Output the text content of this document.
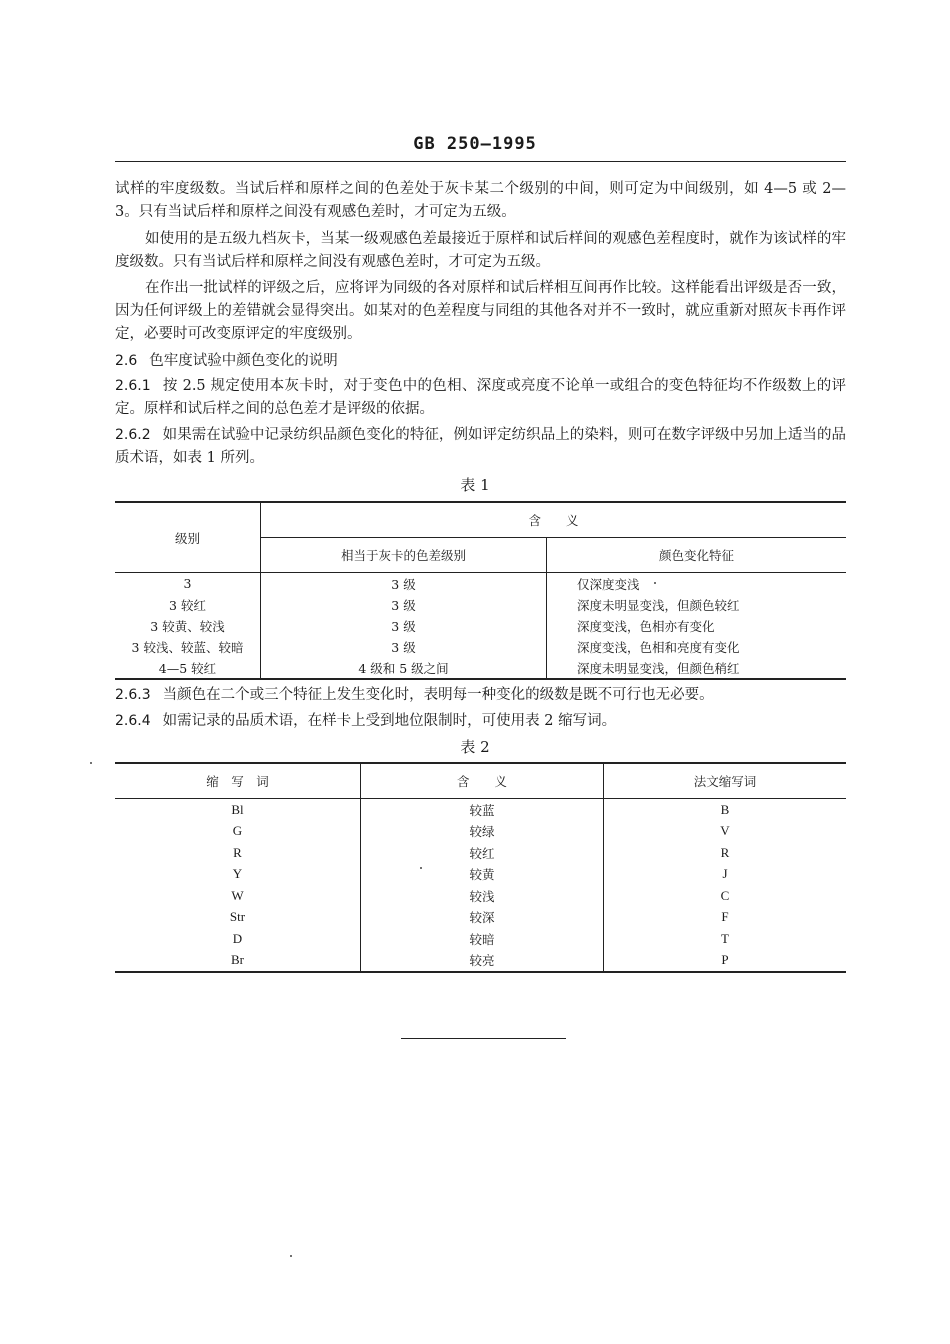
GB 250—1995

试样的牢度级数。当试后样和原样之间的色差处于灰卡某二个级别的中间，则可定为中间级别，如 4—5 或 2—3。只有当试后样和原样之间没有观感色差时，才可定为五级。

如使用的是五级九档灰卡，当某一级观感色差最接近于原样和试后样间的观感色差程度时，就作为该试样的牢度级数。只有当试后样和原样之间没有观感色差时，才可定为五级。

在作出一批试样的评级之后，应将评为同级的各对原样和试后样相互间再作比较。这样能看出评级是否一致，因为任何评级上的差错就会显得突出。如某对的色差程度与同组的其他各对并不一致时，就应重新对照灰卡再作评定，必要时可改变原评定的牢度级别。

2.6 色牢度试验中颜色变化的说明

2.6.1 按 2.5 规定使用本灰卡时，对于变色中的色相、深度或亮度不论单一或组合的变色特征均不作级数上的评定。原样和试后样之间的总色差才是评级的依据。

2.6.2 如果需在试验中记录纺织品颜色变化的特征，例如评定纺织品上的染料，则可在数字评级中另加上适当的品质术语，如表 1 所列。

表 1
级别	含　　义	
	相当于灰卡的色差级别	颜色变化特征
3	3 级	仅深度变浅
3 较红	3 级	深度未明显变浅，但颜色较红
3 较黄、较浅	3 级	深度变浅，色相亦有变化
3 较浅、较蓝、较暗	3 级	深度变浅，色相和亮度有变化
4—5 较红	4 级和 5 级之间	深度未明显变浅，但颜色稍红

2.6.3 当颜色在二个或三个特征上发生变化时，表明每一种变化的级数是既不可行也无必要。

2.6.4 如需记录的品质术语，在样卡上受到地位限制时，可使用表 2 缩写词。

表 2
缩　写　词	含　　义	法文缩写词
Bl	较蓝	B
G	较绿	V
R	较红	R
Y	较黄	J
W	较浅	C
Str	较深	F
D	较暗	T
Br	较亮	P
